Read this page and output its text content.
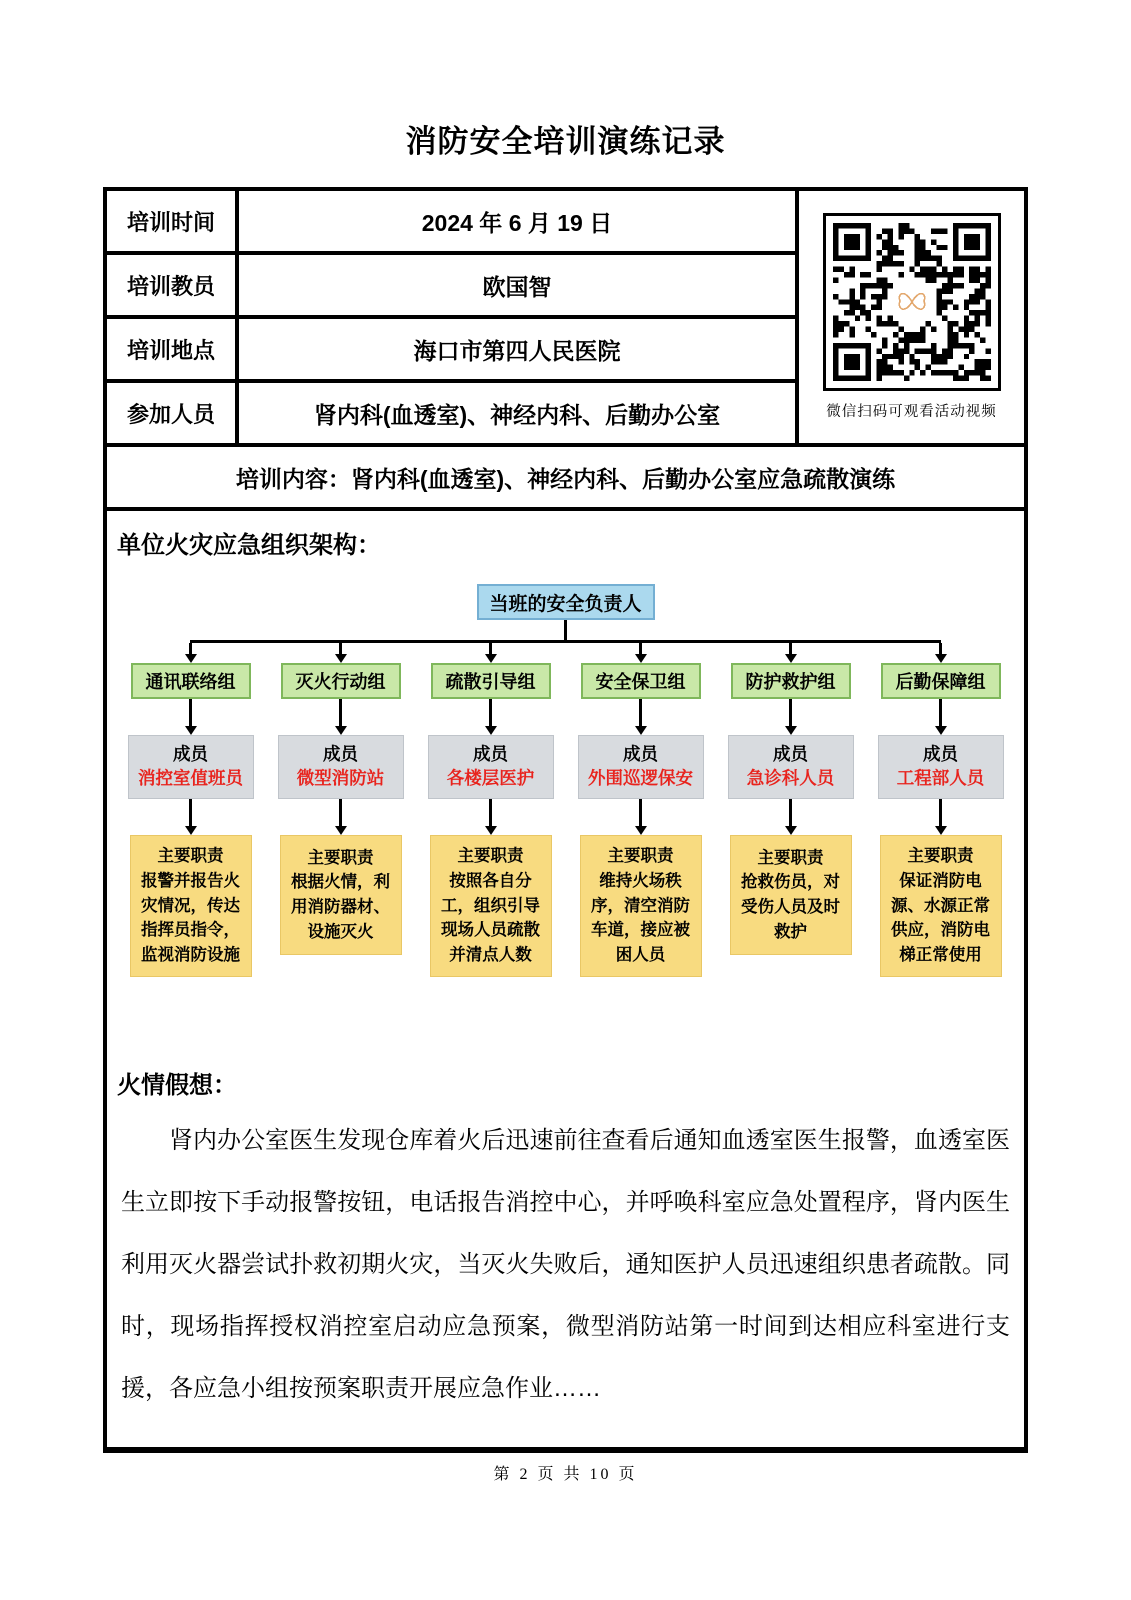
消防安全培训演练记录
培训时间	2024 年 6 月 19 日	微信扫码可观看活动视频

培训教员	欧国智	
培训地点	海口市第四人民医院	
参加人员	肾内科(血透室)、神经内科、后勤办公室	
培训内容：肾内科(血透室)、神经内科、后勤办公室应急疏散演练
单位火灾应急组织架构：
当班的安全负责人
通讯联络组
成员
消控室值班员
主要职责
报警并报告火灾情况，传达指挥员指令，监视消防设施
灭火行动组
成员
微型消防站
主要职责
根据火情，利用消防器材、设施灭火
疏散引导组
成员
各楼层医护
主要职责
按照各自分工，组织引导现场人员疏散并清点人数
安全保卫组
成员
外围巡逻保安
主要职责
维持火场秩序，清空消防车道，接应被困人员
防护救护组
成员
急诊科人员
主要职责
抢救伤员，对受伤人员及时救护
后勤保障组
成员
工程部人员
主要职责
保证消防电源、水源正常供应，消防电梯正常使用
火情假想：
肾内办公室医生发现仓库着火后迅速前往查看后通知血透室医生报警，血透室医生立即按下手动报警按钮，电话报告消控中心，并呼唤科室应急处置程序，肾内医生利用灭火器尝试扑救初期火灾，当灭火失败后，通知医护人员迅速组织患者疏散。同时，现场指挥授权消控室启动应急预案，微型消防站第一时间到达相应科室进行支援，各应急小组按预案职责开展应急作业……
第 2 页 共 10 页
